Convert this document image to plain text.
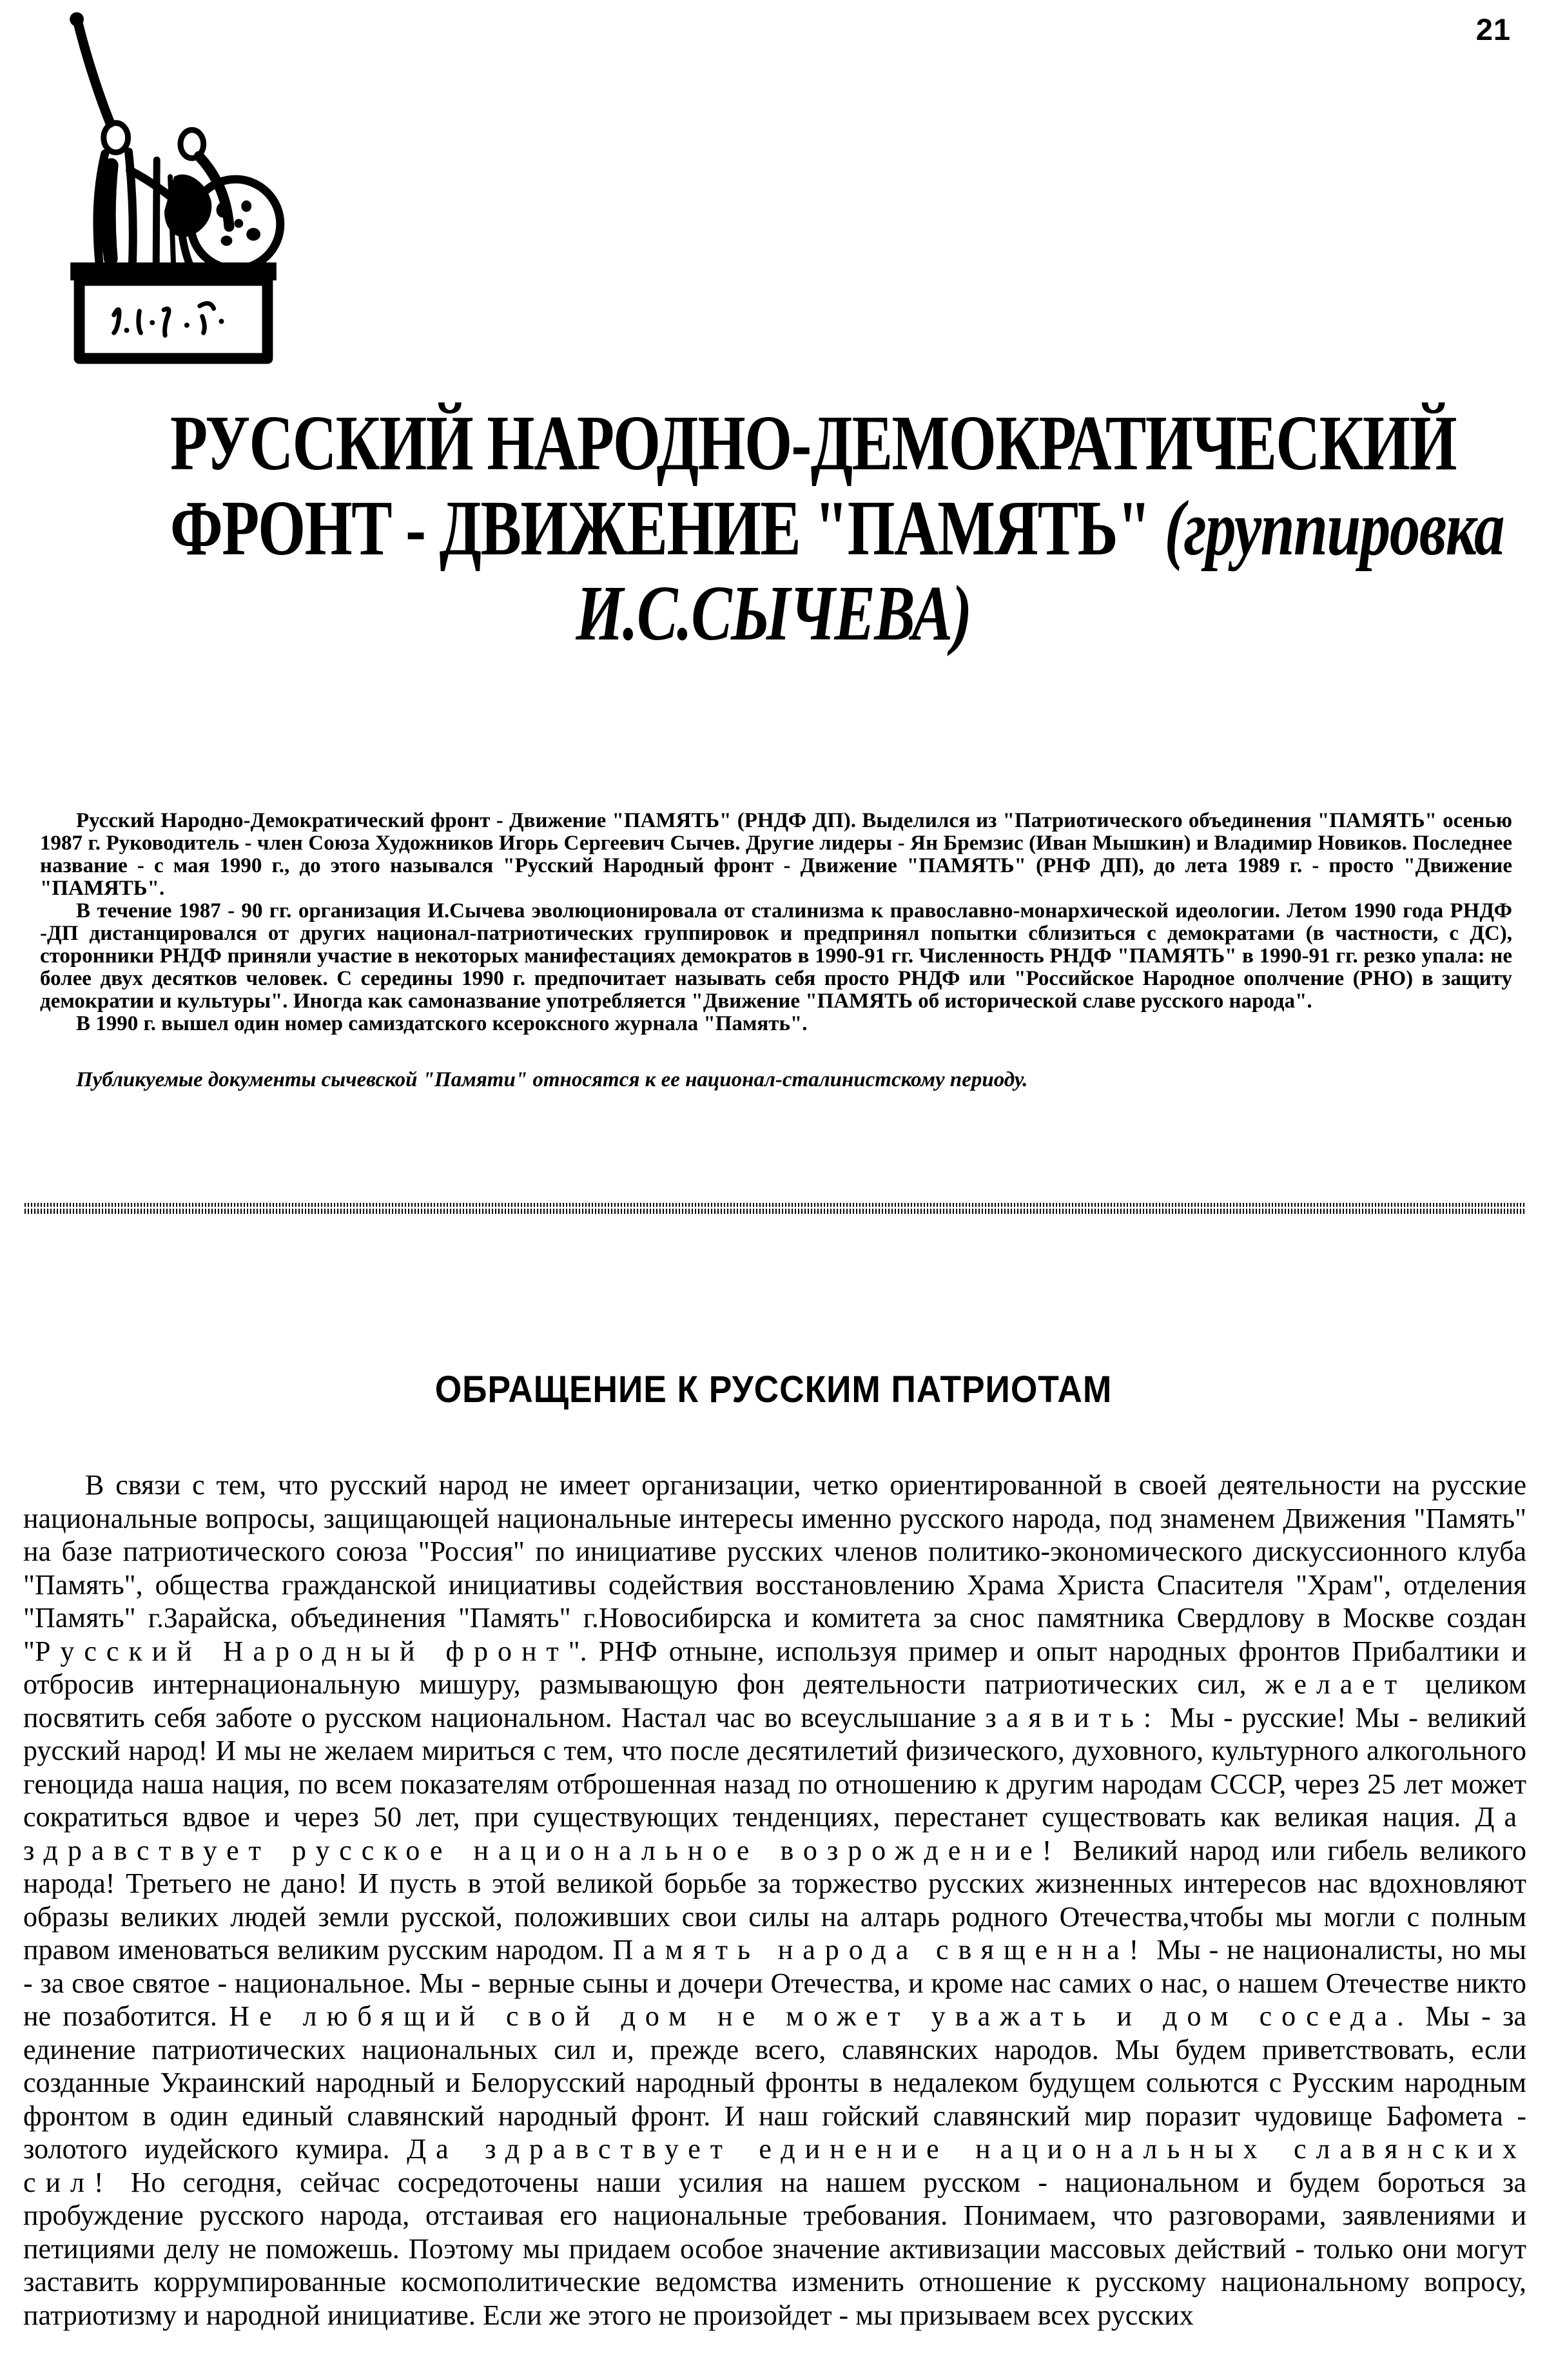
21
РУССКИЙ НАРОДНО-ДЕМОКРАТИЧЕСКИЙ
ФРОНТ - ДВИЖЕНИЕ "ПАМЯТЬ" (группировка
И.С.СЫЧЕВА)

Русский Народно-Демократический фронт - Движение "ПАМЯТЬ" (РНДФ ДП). Выделился из "Патриотического объединения "ПАМЯТЬ" осенью 1987 г. Руководитель - член Союза Художников Игорь Сергеевич Сычев. Другие лидеры - Ян Бремзис (Иван Мышкин) и Владимир Новиков. Последнее название - с мая 1990 г., до этого назывался "Русский Народный фронт - Движение "ПАМЯТЬ" (РНФ ДП), до лета 1989 г. - просто "Движение "ПАМЯТЬ".

В течение 1987 - 90 гг. организация И.Сычева эволюционировала от сталинизма к православно-монархической идеологии. Летом 1990 года РНДФ -ДП дистанцировался от других национал-патриотических группировок и предпринял попытки сблизиться с демократами (в частности, с ДС), сторонники РНДФ приняли участие в некоторых манифестациях демократов в 1990-91 гг. Численность РНДФ "ПАМЯТЬ" в 1990-91 гг. резко упала: не более двух десятков человек. С середины 1990 г. предпочитает называть себя просто РНДФ или "Российское Народное ополчение (РНО) в защиту демократии и культуры". Иногда как самоназвание употребляется "Движение "ПАМЯТЬ об исторической славе русского народа".

В 1990 г. вышел один номер самиздатского ксероксного журнала "Память".

Публикуемые документы сычевской "Памяти" относятся к ее национал-сталинистскому периоду.

ОБРАЩЕНИЕ К РУССКИМ ПАТРИОТАМ

В связи с тем, что русский народ не имеет организации, четко ориентированной в своей деятельности на русские национальные вопросы, защищающей национальные интересы именно русского народа, под знаменем Движения "Память" на базе патриотического союза "Россия" по инициативе русских членов политико-экономического дискуссионного клуба "Память", общества гражданской инициативы содействия восстановлению Храма Христа Спасителя "Храм", отделения "Память" г.Зарайска, объединения "Память" г.Новосибирска и комитета за снос памятника Свердлову в Москве создан "Русский Народный фронт". РНФ отныне, используя пример и опыт народных фронтов Прибалтики и отбросив интернациональную мишуру, размывающую фон деятельности патриотических сил, желает целиком посвятить себя заботе о русском национальном. Настал час во всеуслышание заявить: Мы - русские! Мы - великий русский народ! И мы не желаем мириться с тем, что после десятилетий физического, духовного, культурного алкогольного геноцида наша нация, по всем показателям отброшенная назад по отношению к другим народам СССР, через 25 лет может сократиться вдвое и через 50 лет, при существующих тенденциях, перестанет существовать как великая нация. Да здравствует русское национальное возрождение! Великий народ или гибель великого народа! Третьего не дано! И пусть в этой великой борьбе за торжество русских жизненных интересов нас вдохновляют образы великих людей земли русской, положивших свои силы на алтарь родного Отечества,чтобы мы могли с полным правом именоваться великим русским народом. Память народа священна! Мы - не националисты, но мы - за свое святое - национальное. Мы - верные сыны и дочери Отечества, и кроме нас самих о нас, о нашем Отечестве никто не позаботится. Не любящий свой дом не может уважать и дом соседа. Мы - за единение патриотических национальных сил и, прежде всего, славянских народов. Мы будем приветствовать, если созданные Украинский народный и Белорусский народный фронты в недалеком будущем сольются с Русским народным фронтом в один единый славянский народный фронт. И наш гойский славянский мир поразит чудовище Бафомета - золотого иудейского кумира. Да здравствует единение национальных славянских сил! Но сегодня, сейчас сосредоточены наши усилия на нашем русском - национальном и будем бороться за пробуждение русского народа, отстаивая его национальные требования. Понимаем, что разговорами, заявлениями и петициями делу не поможешь. Поэтому мы придаем особое значение активизации массовых действий - только они могут заставить коррумпированные космополитические ведомства изменить отношение к русскому национальному вопросу, патриотизму и народной инициативе. Если же этого не произойдет - мы призываем всех русских
